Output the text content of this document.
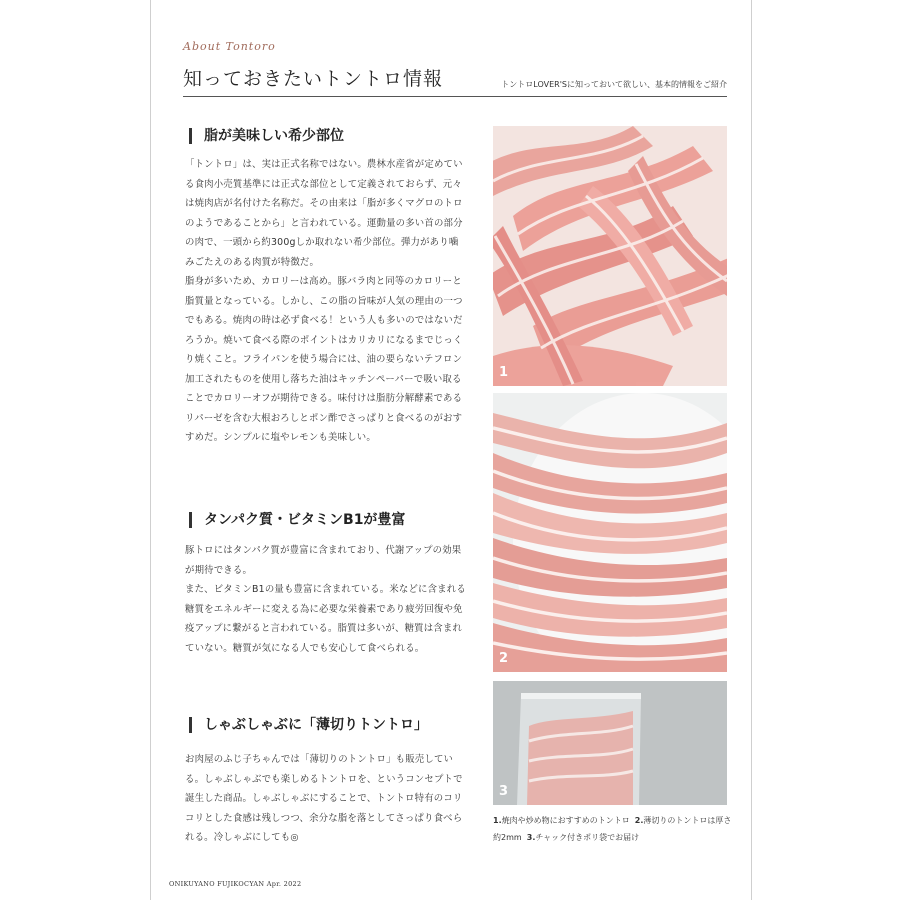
About Tontoro
知っておきたいトントロ情報	トントロLOVER'Sに知っておいて欲しい、基本的情報をご紹介
脂が美味しい希少部位

「トントロ」は、実は正式名称ではない。農林水産省が定めている食肉小売質基準には正式な部位として定義されておらず、元々は焼肉店が名付けた名称だ。その由来は「脂が多くマグロのトロのようであることから」と言われている。運動量の多い首の部分の肉で、一頭から約300gしか取れない希少部位。弾力があり噛みごたえのある肉質が特徴だ。
脂身が多いため、カロリーは高め。豚バラ肉と同等のカロリーと脂質量となっている。しかし、この脂の旨味が人気の理由の一つでもある。焼肉の時は必ず食べる！という人も多いのではないだろうか。焼いて食べる際のポイントはカリカリになるまでじっくり焼くこと。フライパンを使う場合には、油の要らないテフロン加工されたものを使用し落ちた油はキッチンペーパーで吸い取ることでカロリーオフが期待できる。味付けは脂肪分解酵素であるリパーゼを含む大根おろしとポン酢でさっぱりと食べるのがおすすめだ。シンプルに塩やレモンも美味しい。

タンパク質・ビタミンB1が豊富

豚トロにはタンパク質が豊富に含まれており、代謝アップの効果が期待できる。
また、ビタミンB1の量も豊富に含まれている。米などに含まれる糖質をエネルギーに変える為に必要な栄養素であり疲労回復や免疫アップに繋がると言われている。脂質は多いが、糖質は含まれていない。糖質が気になる人でも安心して食べられる。

しゃぶしゃぶに「薄切りトントロ」

お肉屋のふじ子ちゃんでは「薄切りのトントロ」も販売している。しゃぶしゃぶでも楽しめるトントロを、というコンセプトで誕生した商品。しゃぶしゃぶにすることで、トントロ特有のコリコリとした食感は残しつつ、余分な脂を落としてさっぱり食べられる。冷しゃぶにしても◎

1
2
3
1.焼肉や炒め物におすすめのトントロ 2.薄切りのトントロは厚さ約2mm 3.チャック付きポリ袋でお届け
ONIKUYANO FUJIKOCYAN Apr. 2022
